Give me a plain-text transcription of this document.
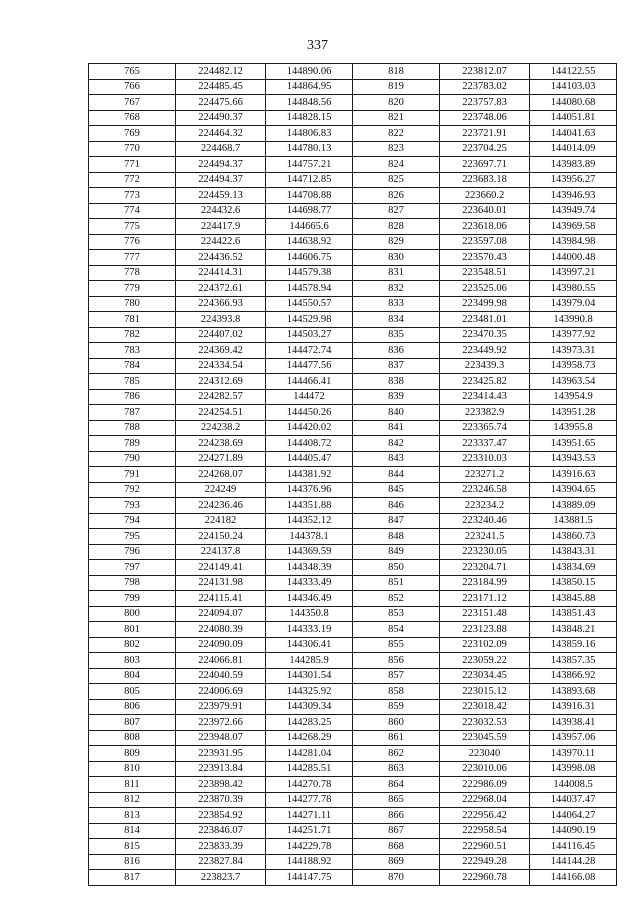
337
765	224482.12	144890.06	818	223812.07	144122.55
766	224485.45	144864.95	819	223783.02	144103.03
767	224475.66	144848.56	820	223757.83	144080.68
768	224490.37	144828.15	821	223748.06	144051.81
769	224464.32	144806.83	822	223721.91	144041.63
770	224468.7	144780.13	823	223704.25	144014.09
771	224494.37	144757.21	824	223697.71	143983.89
772	224494.37	144712.85	825	223683.18	143956.27
773	224459.13	144708.88	826	223660.2	143946.93
774	224432.6	144698.77	827	223640.01	143949.74
775	224417.9	144665.6	828	223618.06	143969.58
776	224422.6	144638.92	829	223597.08	143984.98
777	224436.52	144606.75	830	223570.43	144000.48
778	224414.31	144579.38	831	223548.51	143997.21
779	224372.61	144578.94	832	223525.06	143980.55
780	224366.93	144550.57	833	223499.98	143979.04
781	224393.8	144529.98	834	223481.01	143990.8
782	224407.02	144503.27	835	223470.35	143977.92
783	224369.42	144472.74	836	223449.92	143973.31
784	224334.54	144477.56	837	223439.3	143958.73
785	224312.69	144466.41	838	223425.82	143963.54
786	224282.57	144472	839	223414.43	143954.9
787	224254.51	144450.26	840	223382.9	143951.28
788	224238.2	144420.02	841	223365.74	143955.8
789	224238.69	144408.72	842	223337.47	143951.65
790	224271.89	144405.47	843	223310.03	143943.53
791	224268.07	144381.92	844	223271.2	143916.63
792	224249	144376.96	845	223246.58	143904.65
793	224236.46	144351.88	846	223234.2	143889.09
794	224182	144352.12	847	223240.46	143881.5
795	224150.24	144378.1	848	223241.5	143860.73
796	224137.8	144369.59	849	223230.05	143843.31
797	224149.41	144348.39	850	223204.71	143834.69
798	224131.98	144333.49	851	223184.99	143850.15
799	224115.41	144346.49	852	223171.12	143845.88
800	224094.07	144350.8	853	223151.48	143851.43
801	224080.39	144333.19	854	223123.88	143848.21
802	224090.09	144306.41	855	223102.09	143859.16
803	224066.81	144285.9	856	223059.22	143857.35
804	224040.59	144301.54	857	223034.45	143866.92
805	224006.69	144325.92	858	223015.12	143893.68
806	223979.91	144309.34	859	223018.42	143916.31
807	223972.66	144283.25	860	223032.53	143938.41
808	223948.07	144268.29	861	223045.59	143957.06
809	223931.95	144281.04	862	223040	143970.11
810	223913.84	144285.51	863	223010.06	143998.08
811	223898.42	144270.78	864	222986.09	144008.5
812	223870.39	144277.78	865	222968.04	144037.47
813	223854.92	144271.11	866	222956.42	144064.27
814	223846.07	144251.71	867	222958.54	144090.19
815	223833.39	144229.78	868	222960.51	144116.45
816	223827.84	144188.92	869	222949.28	144144.28
817	223823.7	144147.75	870	222960.78	144166.08
